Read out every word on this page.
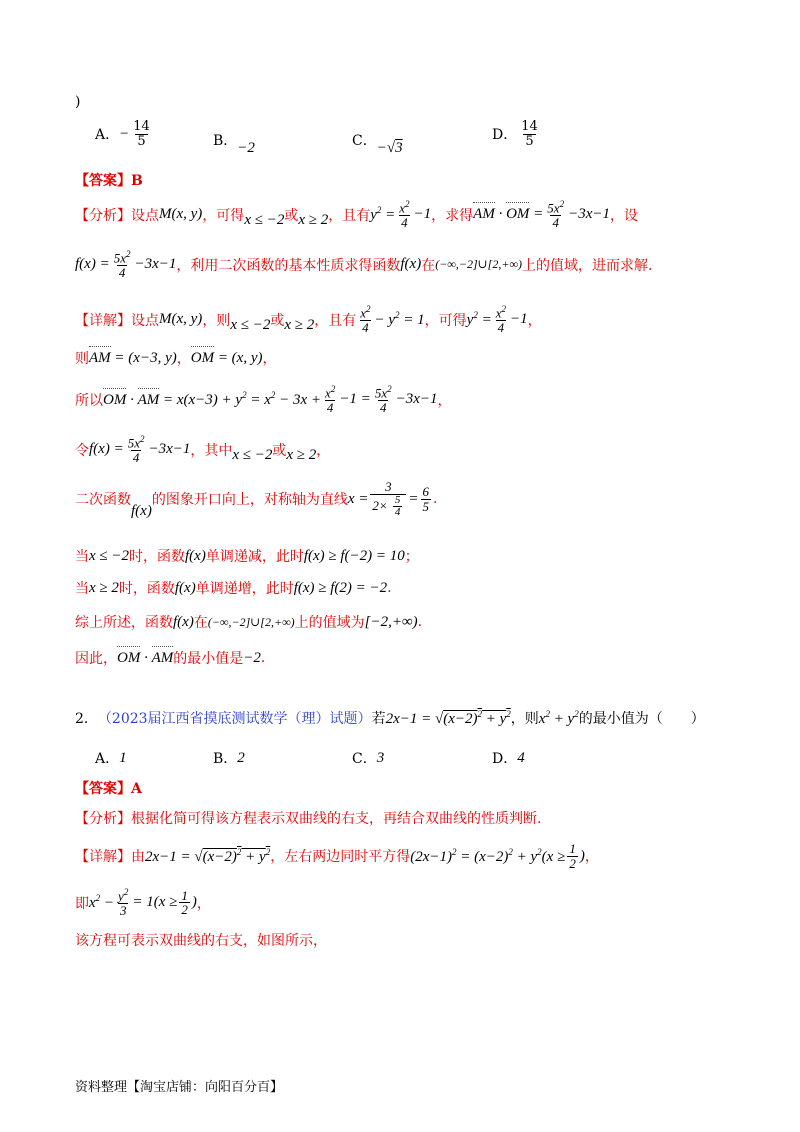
)
A． − $\frac{14}{5}$	B． −2	C． −√3
D． $\frac{14}{5}$
【答案】B
【分析】 设点 M(x, y) ，可得 x ≤ −2 或 x ≥ 2 ，且有 $y^2 = \frac{x^2}{4} -1$ ，求得 AM · OM = $\frac{5x^2}{4} -3x-1$ ，设
$f(x) = \frac{5x^2}{4} -3x-1$ ，利用二次函数的基本性质求得函数 f(x) 在 (−∞,−2]∪[2,+∞) 上的值域，进而求解.
【详解】 设点 M(x, y) ，则 x ≤ −2 或 x ≥ 2 ，且有 $\frac{x^2}{4} - y^2 = 1$ ，可得 $y^2 = \frac{x^2}{4} -1$ ，
则 AM = (x−3, y) ， OM = (x, y) ，
所以 OM · AM = $x(x-3) + y^2 = x^2 - 3x + \frac{x^2}{4} -1 = \frac{5x^2}{4} -3x-1$ ，
令 $f(x) = \frac{5x^2}{4} -3x-1$ ，其中 x ≤ −2 或 x ≥ 2 ，
二次函数
f(x)
的图象开口向上，对称轴为直线 $x = \frac{3}{2\times \frac{5}{4}} = \frac{6}{5}$ .
当 x ≤ −2 时，函数 f(x) 单调递减，此时 f(x) ≥ f(−2) = 10 ；
当 x ≥ 2 时，函数 f(x) 单调递增，此时 f(x) ≥ f(2) = −2 .
综上所述，函数 f(x) 在 (−∞,−2]∪[2,+∞) 上的值域为 [−2,+∞) .
因此， OM · AM 的最小值是 −2 .
2． （2023届江西省摸底测试数学（理）试题） 若 $2x-1 = √(x-2)^2 + y^2$ ，则 $x^2 + y^2$ 的最小值为（　　）
A． 1	B． 2	C． 3	D． 4
【答案】A
【分析】 根据化简可得该方程表示双曲线的右支，再结合双曲线的性质判断.
【详解】 由 $2x-1 = √(x-2)^2 + y^2$ ，左右两边同时平方得 $(2x-1)^2 = (x-2)^2 + y^2(x \ge \frac{1}{2}$ ) ，
即 $x^2 - \frac{y^2}{3} = 1(x \ge \frac{1}{2}$ ) ，
该方程可表示双曲线的右支，如图所示，
资料整理【淘宝店铺：向阳百分百】
